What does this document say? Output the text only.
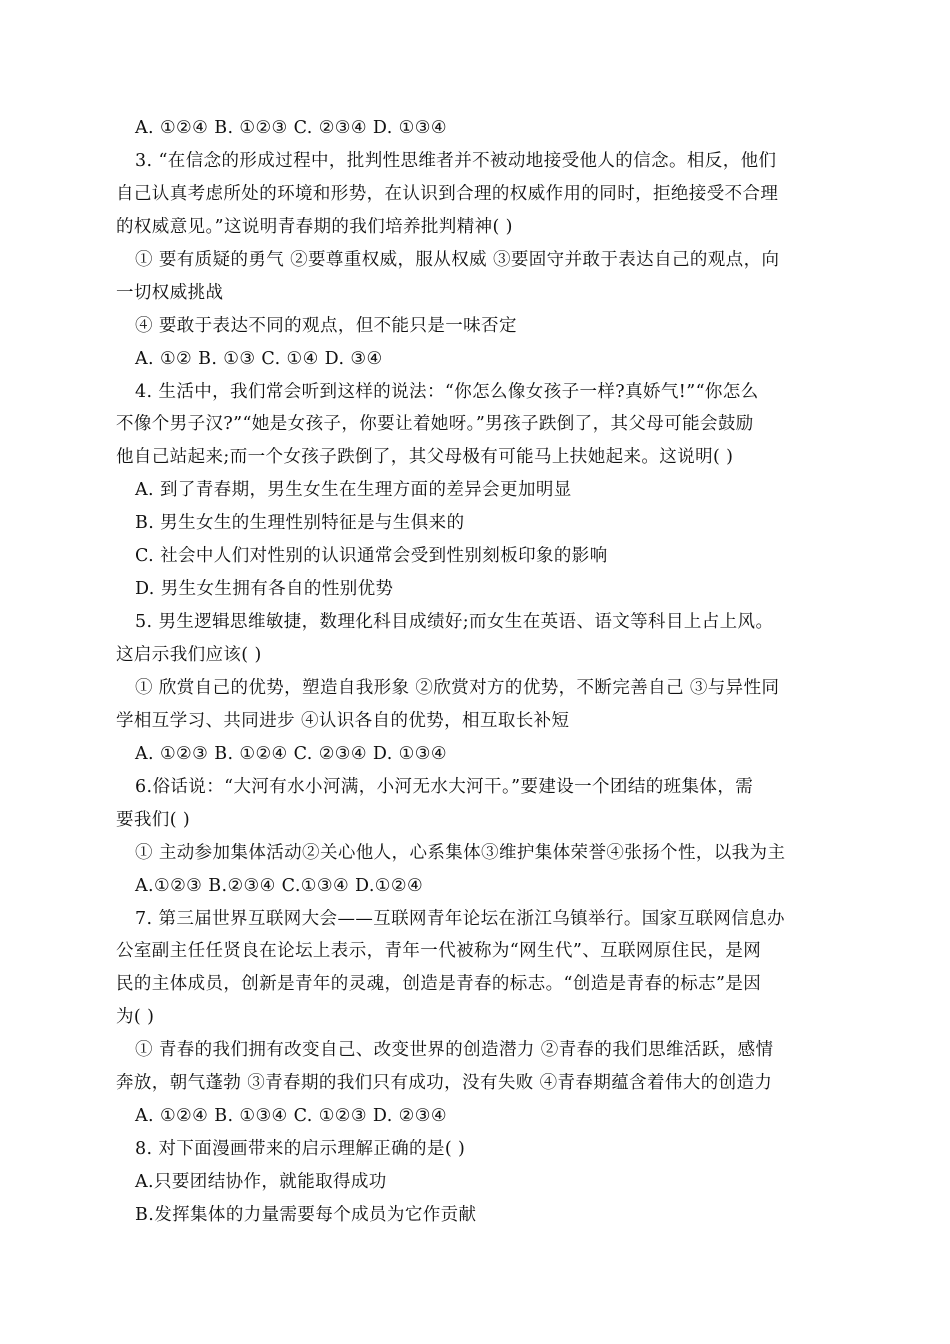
A. ①②④ B. ①②③ C. ②③④ D. ①③④
3. “在信念的形成过程中，批判性思维者并不被动地接受他人的信念。相反，他们
自己认真考虑所处的环境和形势，在认识到合理的权威作用的同时，拒绝接受不合理
的权威意见。”这说明青春期的我们培养批判精神( )
① 要有质疑的勇气 ②要尊重权威，服从权威 ③要固守并敢于表达自己的观点，向
一切权威挑战
④ 要敢于表达不同的观点，但不能只是一味否定
A. ①② B. ①③ C. ①④ D. ③④
4. 生活中，我们常会听到这样的说法：“你怎么像女孩子一样?真娇气!”“你怎么
不像个男子汉?”“她是女孩子，你要让着她呀。”男孩子跌倒了，其父母可能会鼓励
他自己站起来;而一个女孩子跌倒了，其父母极有可能马上扶她起来。这说明( )
A. 到了青春期，男生女生在生理方面的差异会更加明显
B. 男生女生的生理性别特征是与生俱来的
C. 社会中人们对性别的认识通常会受到性别刻板印象的影响
D. 男生女生拥有各自的性别优势
5. 男生逻辑思维敏捷，数理化科目成绩好;而女生在英语、语文等科目上占上风。
这启示我们应该( )
① 欣赏自己的优势，塑造自我形象 ②欣赏对方的优势，不断完善自己 ③与异性同
学相互学习、共同进步 ④认识各自的优势，相互取长补短
A. ①②③ B. ①②④ C. ②③④ D. ①③④
6.俗话说：“大河有水小河满，小河无水大河干。”要建设一个团结的班集体，需
要我们( )
① 主动参加集体活动②关心他人，心系集体③维护集体荣誉④张扬个性，以我为主
A.①②③ B.②③④ C.①③④ D.①②④
7. 第三届世界互联网大会——互联网青年论坛在浙江乌镇举行。国家互联网信息办
公室副主任任贤良在论坛上表示，青年一代被称为“网生代”、互联网原住民，是网
民的主体成员，创新是青年的灵魂，创造是青春的标志。“创造是青春的标志”是因
为( )
① 青春的我们拥有改变自己、改变世界的创造潜力 ②青春的我们思维活跃，感情
奔放，朝气蓬勃 ③青春期的我们只有成功，没有失败 ④青春期蕴含着伟大的创造力
A. ①②④ B. ①③④ C. ①②③ D. ②③④
8. 对下面漫画带来的启示理解正确的是( )
A.只要团结协作，就能取得成功
B.发挥集体的力量需要每个成员为它作贡献
